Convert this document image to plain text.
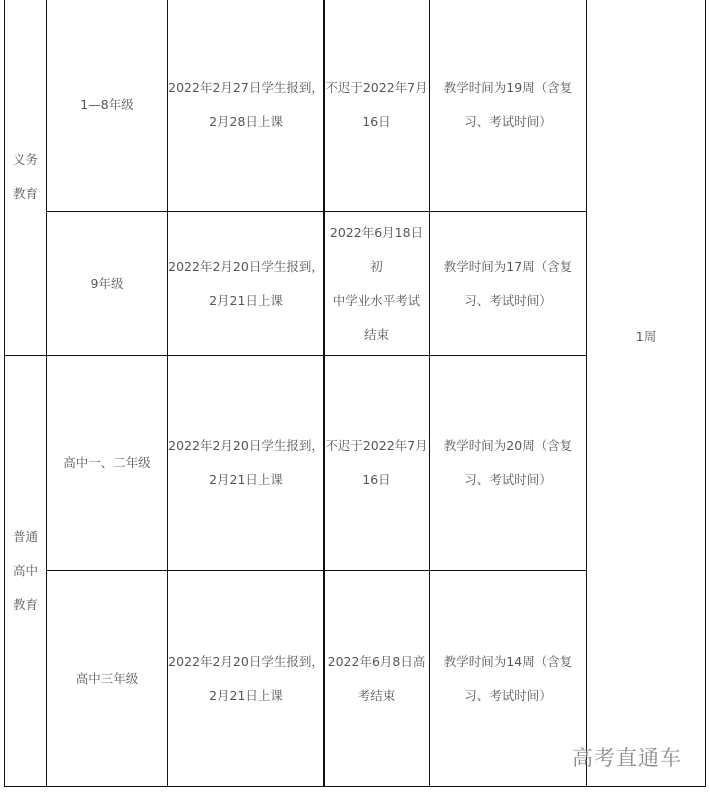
义务教育
普通
高中
教育
1—8年级
2022年2月27日学生报到，
2月28日上课
不迟于2022年7月
16日
教学时间为19周（含复
习、考试时间）
9年级
2022年2月20日学生报到，
2月21日上课
2022年6月18日初
中学业水平考试
结束
教学时间为17周（含复
习、考试时间）
高中一、二年级
2022年2月20日学生报到，
2月21日上课
不迟于2022年7月
16日
教学时间为20周（含复
习、考试时间）
高中三年级
2022年2月20日学生报到，
2月21日上课
2022年6月8日高
考结束
教学时间为14周（含复
习、考试时间）
1周
高考直通车
